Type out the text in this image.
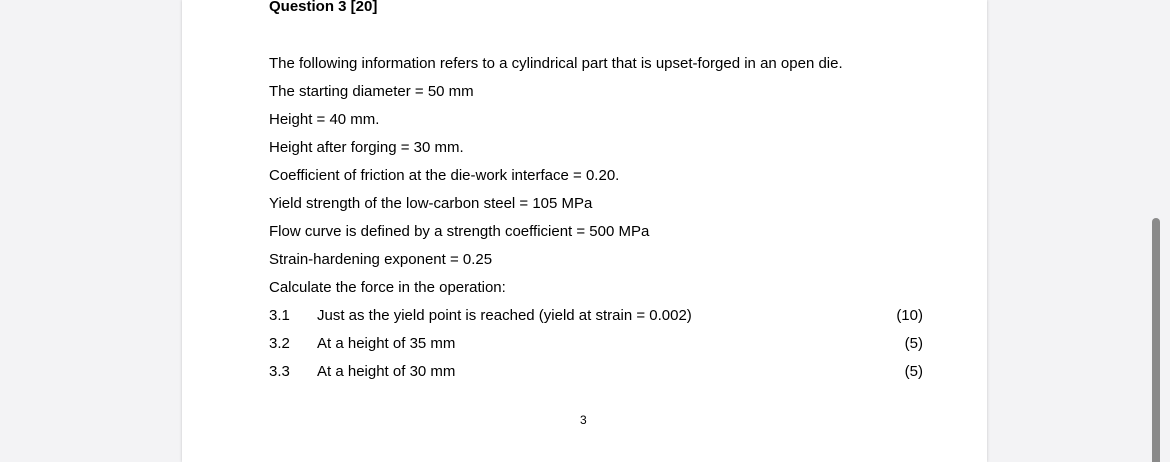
Question 3 [20]
The following information refers to a cylindrical part that is upset-forged in an open die.
The starting diameter = 50 mm
Height = 40 mm.
Height after forging = 30 mm.
Coefficient of friction at the die-work interface = 0.20.
Yield strength of the low-carbon steel = 105 MPa
Flow curve is defined by a strength coefficient = 500 MPa
Strain-hardening exponent = 0.25
Calculate the force in the operation:
3.1 Just as the yield point is reached (yield at strain = 0.002)	(10)
3.2 At a height of 35 mm	(5)
3.3 At a height of 30 mm	(5)
3
